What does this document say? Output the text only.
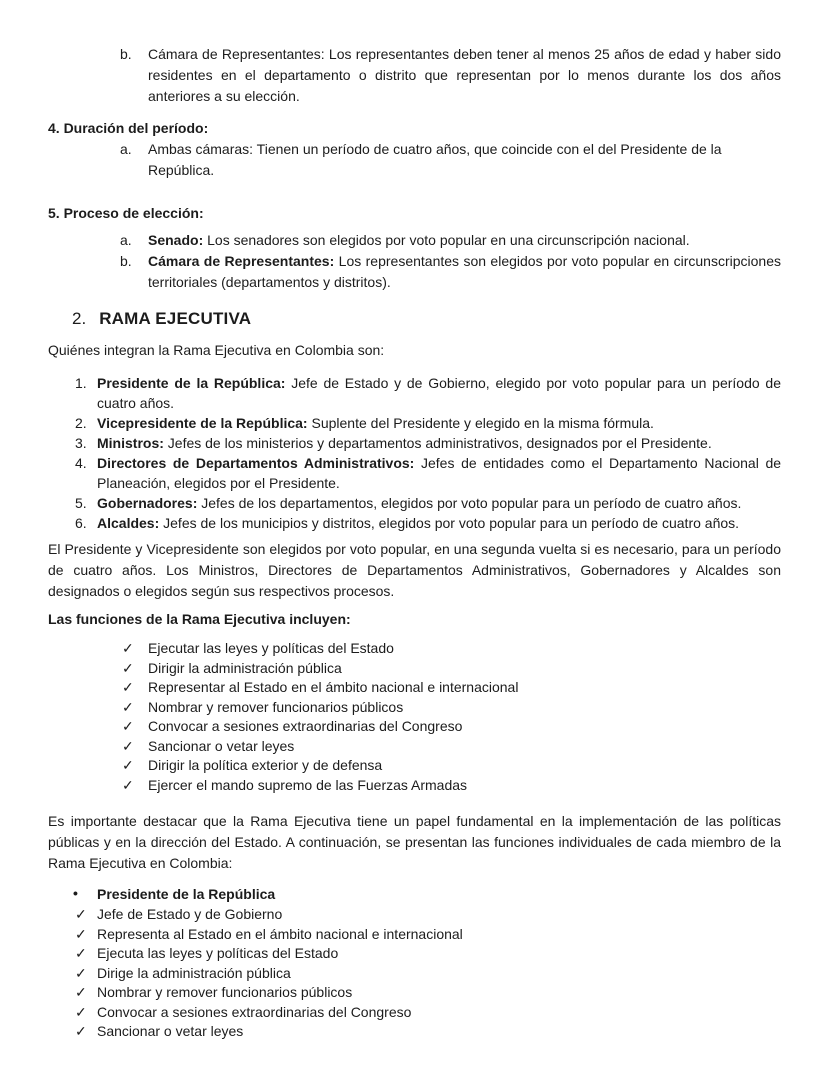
b. Cámara de Representantes: Los representantes deben tener al menos 25 años de edad y haber sido residentes en el departamento o distrito que representan por lo menos durante los dos años anteriores a su elección.
4. Duración del período:
a. Ambas cámaras: Tienen un período de cuatro años, que coincide con el del Presidente de la República.
5. Proceso de elección:
a. Senado: Los senadores son elegidos por voto popular en una circunscripción nacional.
b. Cámara de Representantes: Los representantes son elegidos por voto popular en circunscripciones territoriales (departamentos y distritos).
2. RAMA EJECUTIVA

Quiénes integran la Rama Ejecutiva en Colombia son:

1. Presidente de la República: Jefe de Estado y de Gobierno, elegido por voto popular para un período de cuatro años.
2. Vicepresidente de la República: Suplente del Presidente y elegido en la misma fórmula.
3. Ministros: Jefes de los ministerios y departamentos administrativos, designados por el Presidente.
4. Directores de Departamentos Administrativos: Jefes de entidades como el Departamento Nacional de Planeación, elegidos por el Presidente.
5. Gobernadores: Jefes de los departamentos, elegidos por voto popular para un período de cuatro años.
6. Alcaldes: Jefes de los municipios y distritos, elegidos por voto popular para un período de cuatro años.

El Presidente y Vicepresidente son elegidos por voto popular, en una segunda vuelta si es necesario, para un período de cuatro años. Los Ministros, Directores de Departamentos Administrativos, Gobernadores y Alcaldes son designados o elegidos según sus respectivos procesos.

Las funciones de la Rama Ejecutiva incluyen:
✓ Ejecutar las leyes y políticas del Estado
✓ Dirigir la administración pública
✓ Representar al Estado en el ámbito nacional e internacional
✓ Nombrar y remover funcionarios públicos
✓ Convocar a sesiones extraordinarias del Congreso
✓ Sancionar o vetar leyes
✓ Dirigir la política exterior y de defensa
✓ Ejercer el mando supremo de las Fuerzas Armadas

Es importante destacar que la Rama Ejecutiva tiene un papel fundamental en la implementación de las políticas públicas y en la dirección del Estado. A continuación, se presentan las funciones individuales de cada miembro de la Rama Ejecutiva en Colombia:

• Presidente de la República
✓ Jefe de Estado y de Gobierno
✓ Representa al Estado en el ámbito nacional e internacional
✓ Ejecuta las leyes y políticas del Estado
✓ Dirige la administración pública
✓ Nombrar y remover funcionarios públicos
✓ Convocar a sesiones extraordinarias del Congreso
✓ Sancionar o vetar leyes
